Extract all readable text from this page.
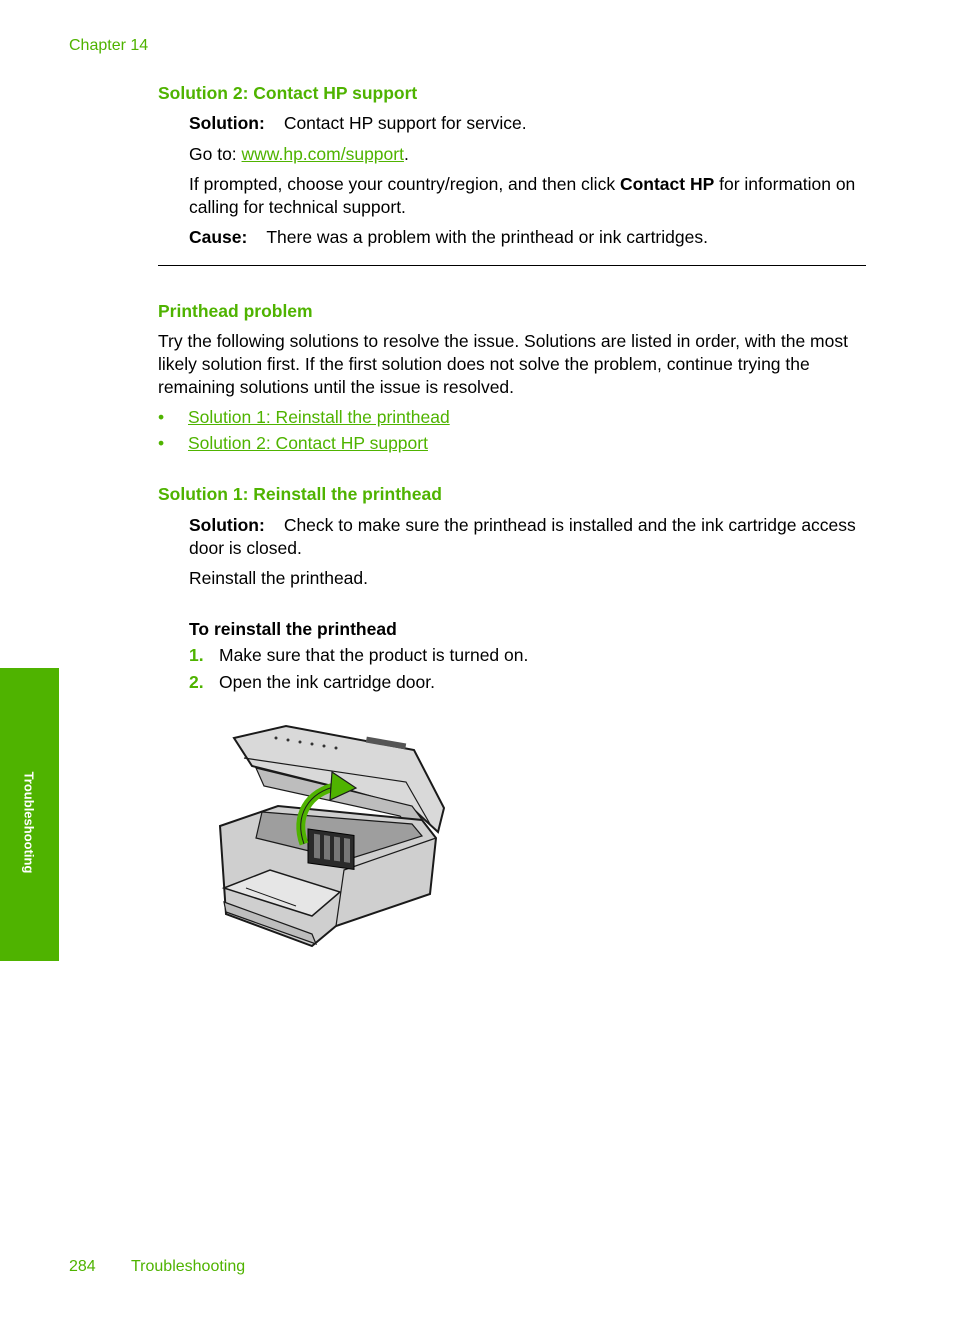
Chapter 14
Solution 2: Contact HP support
Solution: Contact HP support for service.
Go to: www.hp.com/support.
If prompted, choose your country/region, and then click Contact HP for information on calling for technical support.
Cause: There was a problem with the printhead or ink cartridges.
Printhead problem
Try the following solutions to resolve the issue. Solutions are listed in order, with the most likely solution first. If the first solution does not solve the problem, continue trying the remaining solutions until the issue is resolved.
• Solution 1: Reinstall the printhead
• Solution 2: Contact HP support
Solution 1: Reinstall the printhead
Solution: Check to make sure the printhead is installed and the ink cartridge access door is closed.
Reinstall the printhead.
To reinstall the printhead
1. Make sure that the product is turned on.
2. Open the ink cartridge door.
Troubleshooting
284 Troubleshooting
